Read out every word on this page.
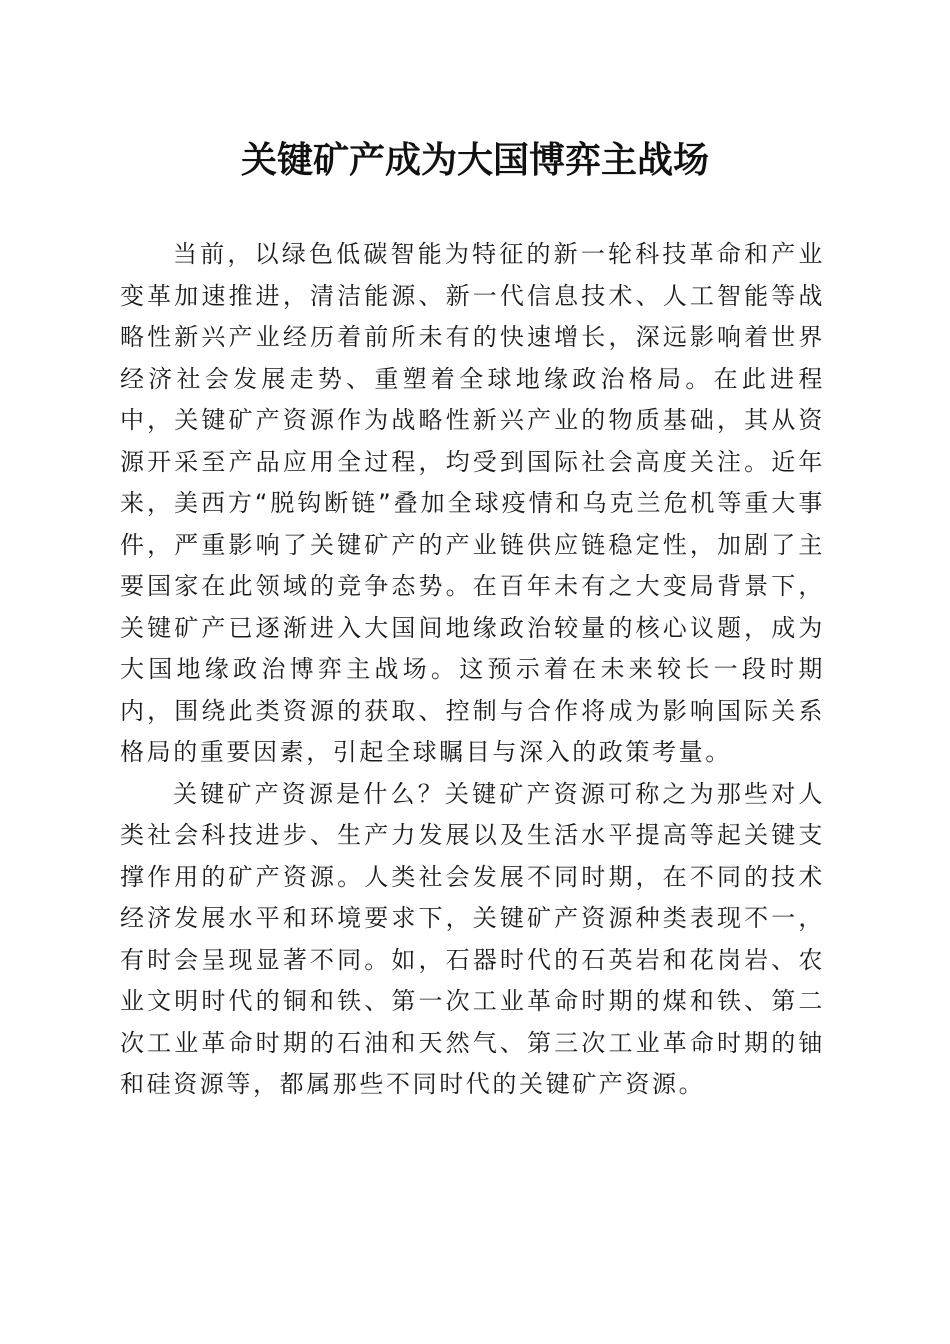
关键矿产成为大国博弈主战场

当前，以绿色低碳智能为特征的新一轮科技革命和产业变革加速推进，清洁能源、新一代信息技术、人工智能等战略性新兴产业经历着前所未有的快速增长，深远影响着世界经济社会发展走势、重塑着全球地缘政治格局。在此进程中，关键矿产资源作为战略性新兴产业的物质基础，其从资源开采至产品应用全过程，均受到国际社会高度关注。近年来，美西方“脱钩断链”叠加全球疫情和乌克兰危机等重大事件，严重影响了关键矿产的产业链供应链稳定性，加剧了主要国家在此领域的竞争态势。在百年未有之大变局背景下，关键矿产已逐渐进入大国间地缘政治较量的核心议题，成为大国地缘政治博弈主战场。这预示着在未来较长一段时期内，围绕此类资源的获取、控制与合作将成为影响国际关系格局的重要因素，引起全球瞩目与深入的政策考量。

关键矿产资源是什么？关键矿产资源可称之为那些对人类社会科技进步、生产力发展以及生活水平提高等起关键支撑作用的矿产资源。人类社会发展不同时期，在不同的技术经济发展水平和环境要求下，关键矿产资源种类表现不一，有时会呈现显著不同。如，石器时代的石英岩和花岗岩、农业文明时代的铜和铁、第一次工业革命时期的煤和铁、第二次工业革命时期的石油和天然气、第三次工业革命时期的铀和硅资源等，都属那些不同时代的关键矿产资源。
